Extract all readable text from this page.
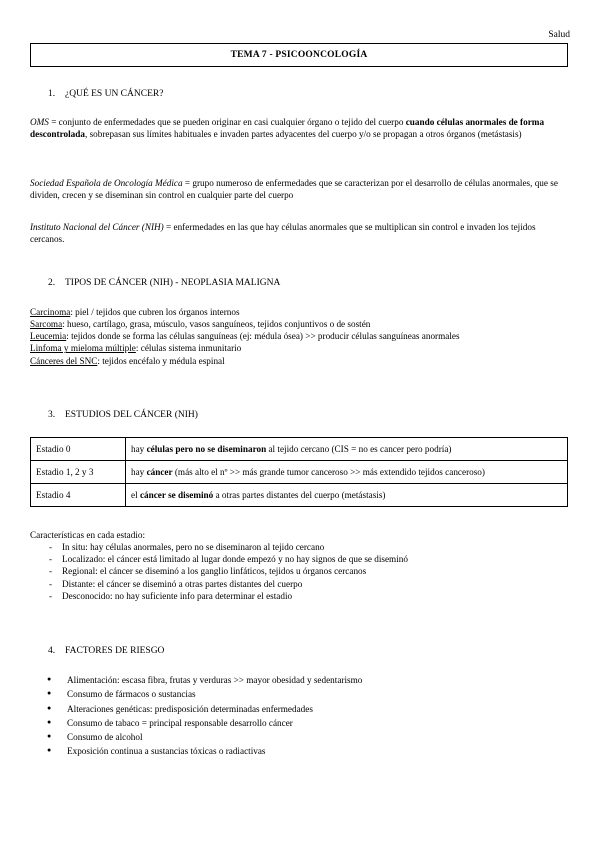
Salud
TEMA 7 - PSICOONCOLOGÍA
1. ¿QUÉ ES UN CÁNCER?

OMS = conjunto de enfermedades que se pueden originar en casi cualquier órgano o tejido del cuerpo cuando células anormales de forma descontrolada, sobrepasan sus límites habituales e invaden partes adyacentes del cuerpo y/o se propagan a otros órganos (metástasis)

Sociedad Española de Oncología Médica = grupo numeroso de enfermedades que se caracterizan por el desarrollo de células anormales, que se dividen, crecen y se diseminan sin control en cualquier parte del cuerpo

Instituto Nacional del Cáncer (NIH) = enfermedades en las que hay células anormales que se multiplican sin control e invaden los tejidos cercanos.

2. TIPOS DE CÁNCER (NIH) - NEOPLASIA MALIGNA

Carcinoma: piel / tejidos que cubren los órganos internos

Sarcoma: hueso, cartílago, grasa, músculo, vasos sanguíneos, tejidos conjuntivos o de sostén

Leucemia: tejidos donde se forma las células sanguíneas (ej: médula ósea) >> producir células sanguíneas anormales

Linfoma y mieloma múltiple: células sistema inmunitario

Cánceres del SNC: tejidos encéfalo y médula espinal

3. ESTUDIOS DEL CÁNCER (NIH)
Estadio 0	hay células pero no se diseminaron al tejido cercano (CIS = no es cancer pero podría)
Estadio 1, 2 y 3	hay cáncer (más alto el nº >> más grande tumor canceroso >> más extendido tejidos canceroso)
Estadio 4	el cáncer se diseminó a otras partes distantes del cuerpo (metástasis)

Características en cada estadio:

- In situ: hay células anormales, pero no se diseminaron al tejido cercano
- Localizado: el cáncer está limitado al lugar donde empezó y no hay signos de que se diseminó
- Regional: el cáncer se diseminó a los ganglio linfáticos, tejidos u órganos cercanos
- Distante: el cáncer se diseminó a otras partes distantes del cuerpo
- Desconocido: no hay suficiente info para determinar el estadio
4. FACTORES DE RIESGO
● Alimentación: escasa fibra, frutas y verduras >> mayor obesidad y sedentarismo
● Consumo de fármacos o sustancias
● Alteraciones genéticas: predisposición determinadas enfermedades
● Consumo de tabaco = principal responsable desarrollo cáncer
● Consumo de alcohol
● Exposición continua a sustancias tóxicas o radiactivas
